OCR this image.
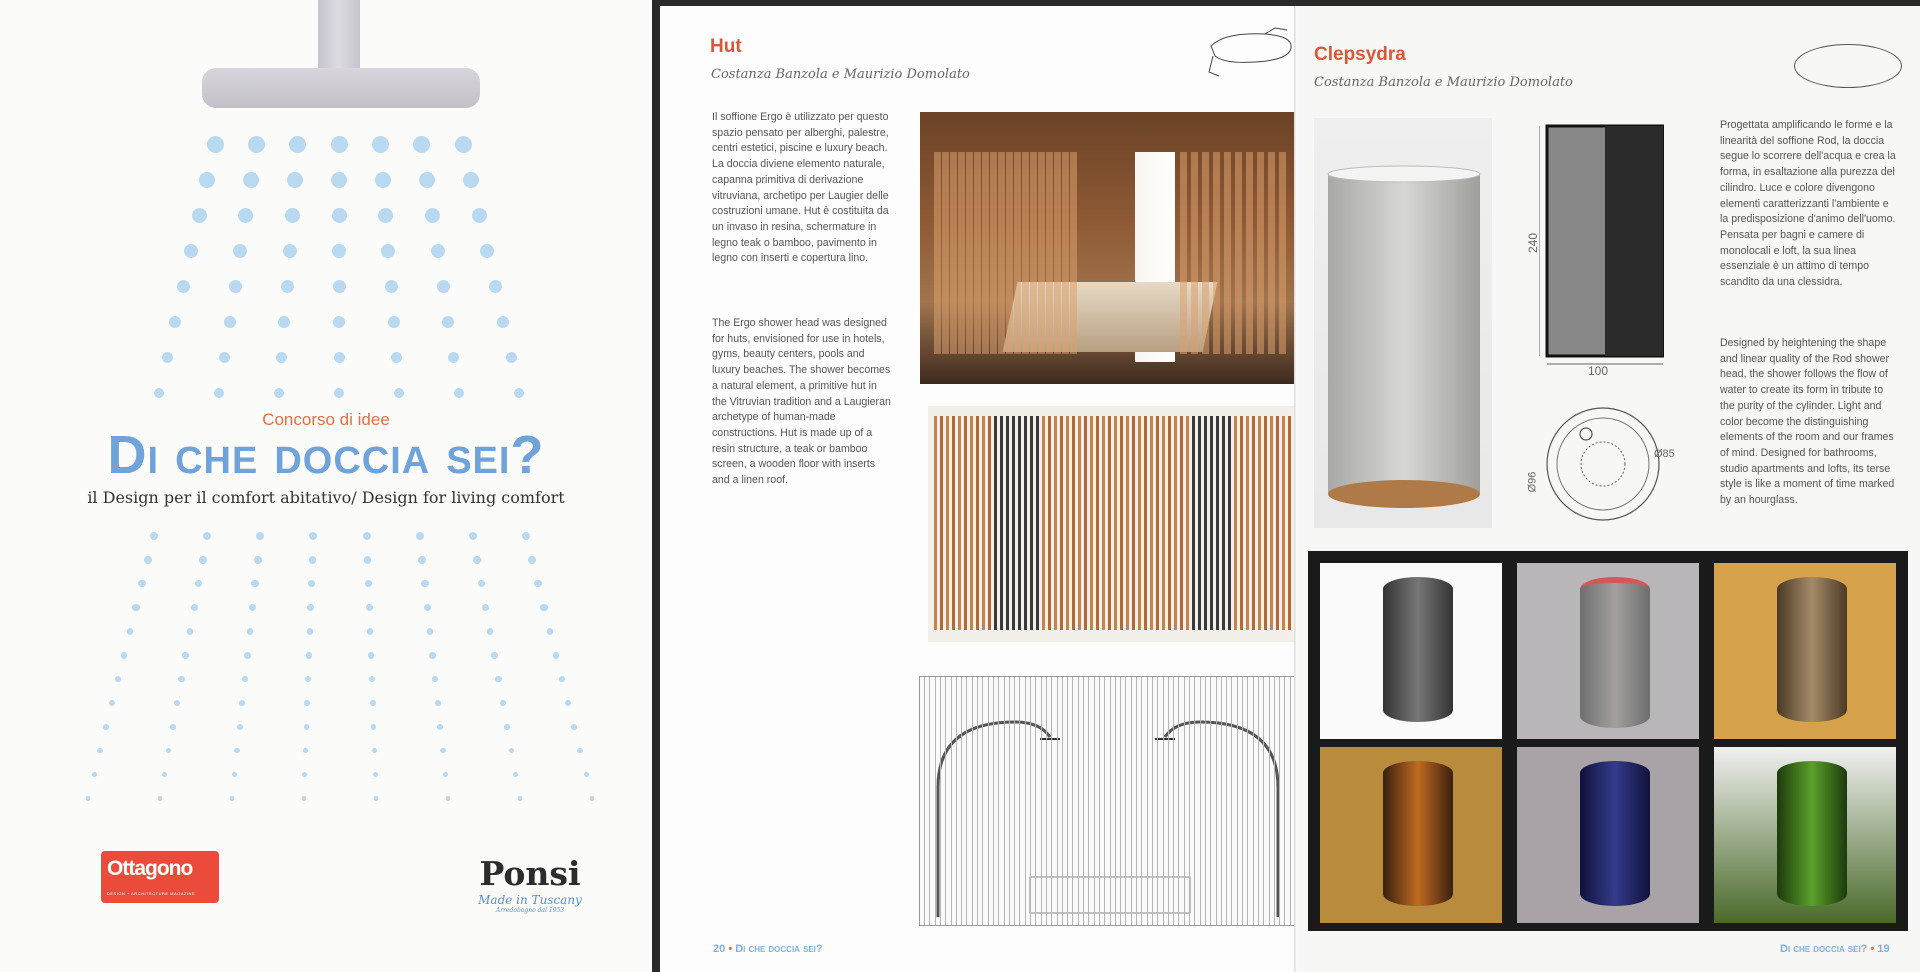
Concorso di idee
Di che doccia sei?
il Design per il comfort abitativo/ Design for living comfort
Ottagono
DESIGN + ARCHITECTURE MAGAZINE
Ponsi
Made in Tuscany
Arredobagno dal 1953
Hut
Costanza Banzola e Maurizio Domolato
Il soffione Ergo è utilizzato per questo spazio pensato per alberghi, palestre, centri estetici, piscine e luxury beach. La doccia diviene elemento naturale, capanna primitiva di derivazione vitruviana, archetipo per Laugier delle costruzioni umane. Hut è costituita da un invaso in resina, schermature in legno teak o bamboo, pavimento in legno con inserti e copertura lino.
The Ergo shower head was designed for huts, envisioned for use in hotels, gyms, beauty centers, pools and luxury beaches. The shower becomes a natural element, a primitive hut in the Vitruvian tradition and a Laugieran archetype of human-made constructions. Hut is made up of a resin structure, a teak or bamboo screen, a wooden floor with inserts and a linen roof.
20 • Di che doccia sei?
Clepsydra
Costanza Banzola e Maurizio Domolato
240
100
Ø96
Ø85
Progettata amplificando le forme e la linearità del soffione Rod, la doccia segue lo scorrere dell'acqua e crea la forma, in esaltazione alla purezza del cilindro. Luce e colore divengono elementi caratterizzanti l'ambiente e la predisposizione d'animo dell'uomo. Pensata per bagni e camere di monolocali e loft, la sua linea essenziale è un attimo di tempo scandito da una clessidra.
Designed by heightening the shape and linear quality of the Rod shower head, the shower follows the flow of water to create its form in tribute to the purity of the cylinder. Light and color become the distinguishing elements of the room and our frames of mind. Designed for bathrooms, studio apartments and lofts, its terse style is like a moment of time marked by an hourglass.
Di che doccia sei? • 19
